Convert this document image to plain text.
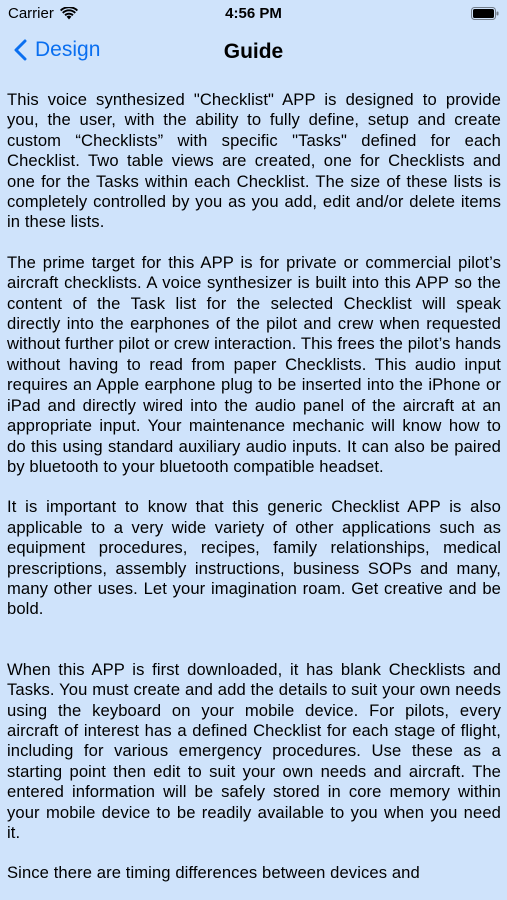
Carrier	4:56 PM
Design	Guide

This voice synthesized "Checklist" APP is designed to provide you, the user, with the ability to fully define, setup and create custom “Checklists” with specific "Tasks" defined for each Checklist. Two table views are created, one for Checklists and one for the Tasks within each Checklist. The size of these lists is completely controlled by you as you add, edit and/or delete items in these lists.

The prime target for this APP is for private or commercial pilot’s aircraft checklists. A voice synthesizer is built into this APP so the content of the Task list for the selected Checklist will speak directly into the earphones of the pilot and crew when requested without further pilot or crew interaction. This frees the pilot’s hands without having to read from paper Checklists. This audio input requires an Apple earphone plug to be inserted into the iPhone or iPad and directly wired into the audio panel of the aircraft at an appropriate input. Your maintenance mechanic will know how to do this using standard auxiliary audio inputs. It can also be paired by bluetooth to your bluetooth compatible headset.

It is important to know that this generic Checklist APP is also applicable to a very wide variety of other applications such as equipment procedures, recipes, family relationships, medical prescriptions, assembly instructions, business SOPs and many, many other uses. Let your imagination roam. Get creative and be bold.

When this APP is first downloaded, it has blank Checklists and Tasks. You must create and add the details to suit your own needs using the keyboard on your mobile device. For pilots, every aircraft of interest has a defined Checklist for each stage of flight, including for various emergency procedures. Use these as a starting point then edit to suit your own needs and aircraft. The entered information will be safely stored in core memory within your mobile device to be readily available to you when you need it.

Since there are timing differences between devices and
